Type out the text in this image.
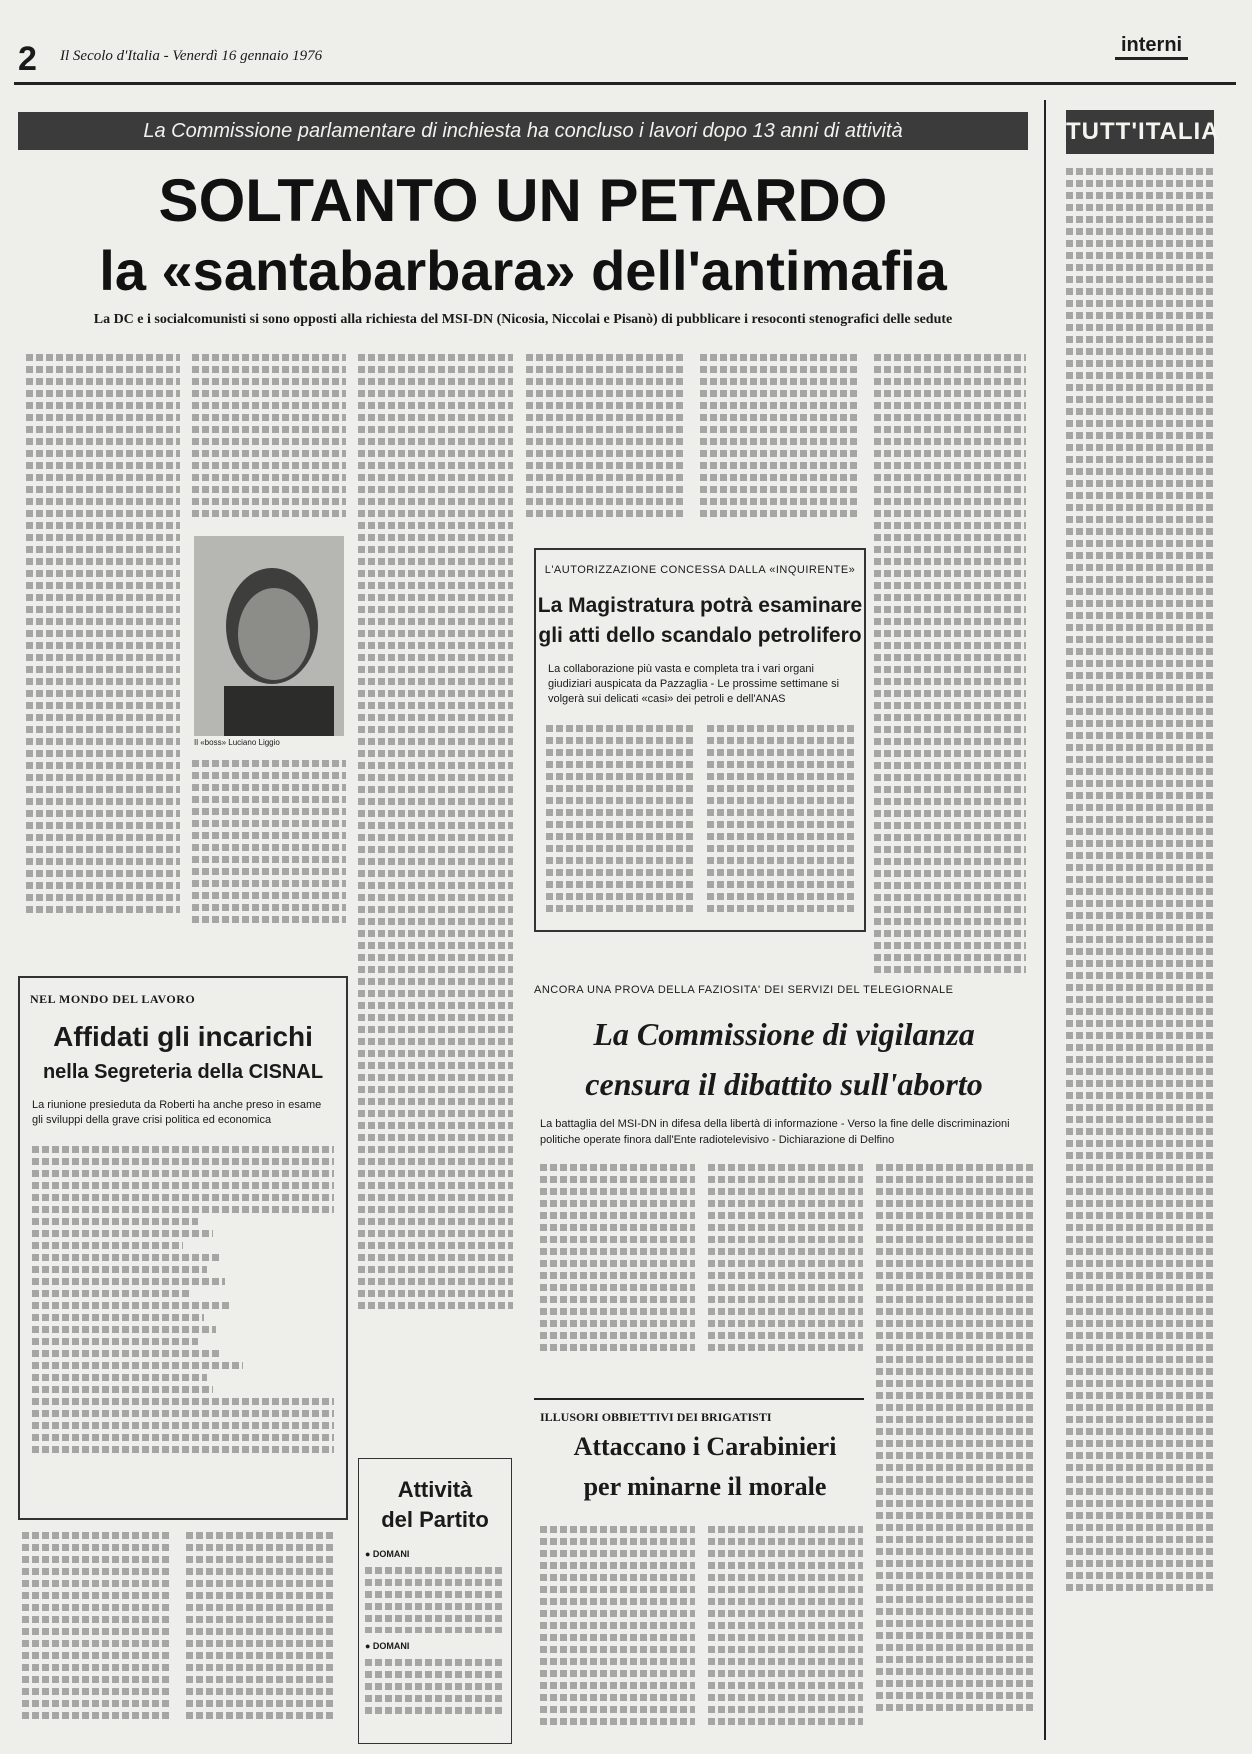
2 Il Secolo d'Italia - Venerdì 16 gennaio 1976	interni
La Commissione parlamentare di inchiesta ha concluso i lavori dopo 13 anni di attività
SOLTANTO UN PETARDO
la «santabarbara» dell'antimafia
La DC e i socialcomunisti si sono opposti alla richiesta del MSI-DN (Nicosia, Niccolai e Pisanò) di pubblicare i resoconti stenografici delle sedute
Il «boss» Luciano Liggio
L'AUTORIZZAZIONE CONCESSA DALLA «INQUIRENTE»
La Magistratura potrà esaminare
gli atti dello scandalo petrolifero
La collaborazione più vasta e completa tra i vari organi giudiziari auspicata da Pazzaglia - Le prossime settimane si volgerà sui delicati «casi» dei petroli e dell'ANAS
NEL MONDO DEL LAVORO
Affidati gli incarichi
nella Segreteria della CISNAL
La riunione presieduta da Roberti ha anche preso in esame gli sviluppi della grave crisi politica ed economica
ANCORA UNA PROVA DELLA FAZIOSITA' DEI SERVIZI DEL TELEGIORNALE
La Commissione di vigilanza
censura il dibattito sull'aborto
La battaglia del MSI-DN in difesa della libertà di informazione - Verso la fine delle discriminazioni politiche operate finora dall'Ente radiotelevisivo - Dichiarazione di Delfino
ILLUSORI OBBIETTIVI DEI BRIGATISTI
Attaccano i Carabinieri
per minarne il morale
Attività
del Partito
● DOMANI
● DOMANI
TUTT'ITALIA
